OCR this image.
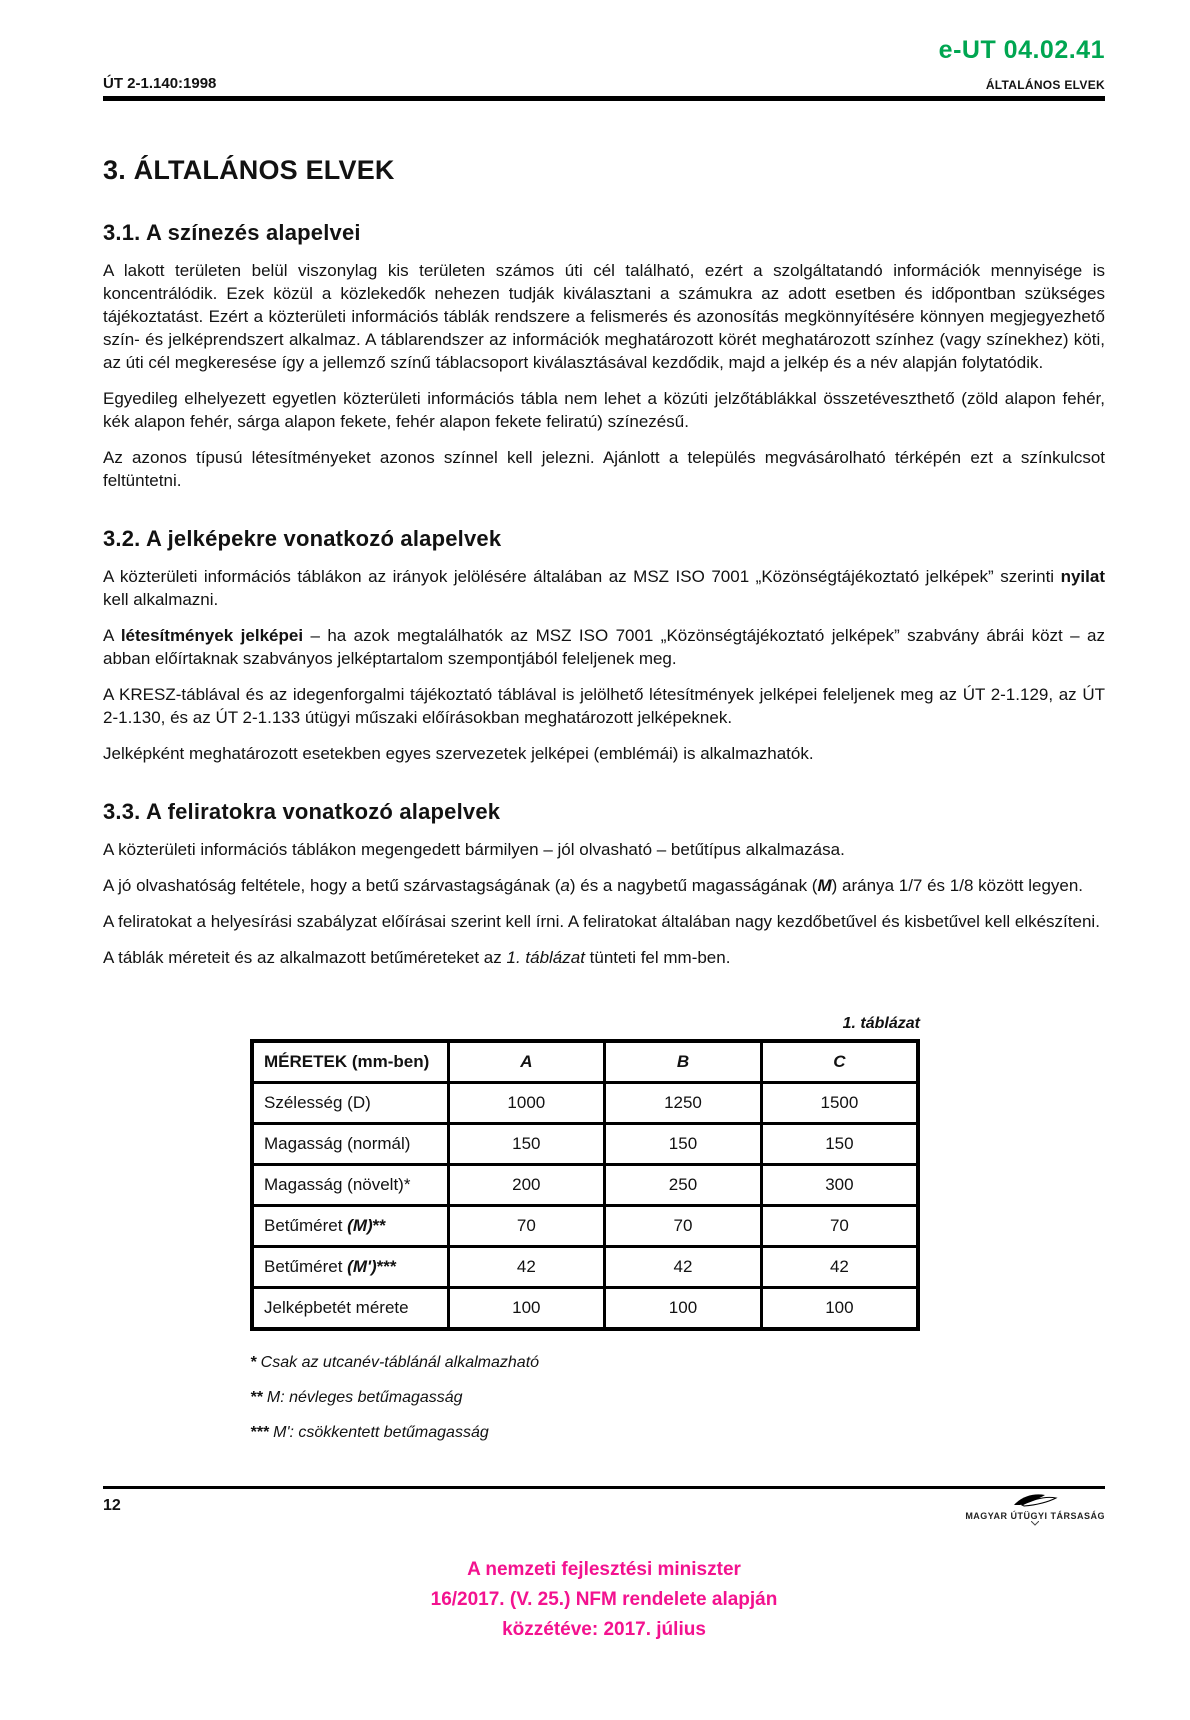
e-UT 04.02.41
ÚT 2-1.140:1998	ÁLTALÁNOS ELVEK
3. ÁLTALÁNOS ELVEK
3.1. A színezés alapelvei

A lakott területen belül viszonylag kis területen számos úti cél található, ezért a szolgáltatandó információk mennyisége is koncentrálódik. Ezek közül a közlekedők nehezen tudják kiválasztani a számukra az adott esetben és időpontban szükséges tájékoztatást. Ezért a közterületi információs táblák rendszere a felismerés és azonosítás megkönnyítésére könnyen megjegyezhető szín- és jelképrendszert alkalmaz. A táblarendszer az információk meghatározott körét meghatározott színhez (vagy színekhez) köti, az úti cél megkeresése így a jellemző színű táblacsoport kiválasztásával kezdődik, majd a jelkép és a név alapján folytatódik.

Egyedileg elhelyezett egyetlen közterületi információs tábla nem lehet a közúti jelzőtáblákkal összetéveszthető (zöld alapon fehér, kék alapon fehér, sárga alapon fekete, fehér alapon fekete feliratú) színezésű.

Az azonos típusú létesítményeket azonos színnel kell jelezni. Ajánlott a település megvásárolható térképén ezt a színkulcsot feltüntetni.

3.2. A jelképekre vonatkozó alapelvek

A közterületi információs táblákon az irányok jelölésére általában az MSZ ISO 7001 „Közönségtájékoztató jelképek” szerinti nyilat kell alkalmazni.

A létesítmények jelképei – ha azok megtalálhatók az MSZ ISO 7001 „Közönségtájékoztató jelképek” szabvány ábrái közt – az abban előírtaknak szabványos jelképtartalom szempontjából feleljenek meg.

A KRESZ-táblával és az idegenforgalmi tájékoztató táblával is jelölhető létesítmények jelképei feleljenek meg az ÚT 2-1.129, az ÚT 2-1.130, és az ÚT 2-1.133 útügyi műszaki előírásokban meghatározott jelképeknek.

Jelképként meghatározott esetekben egyes szervezetek jelképei (emblémái) is alkalmazhatók.

3.3. A feliratokra vonatkozó alapelvek

A közterületi információs táblákon megengedett bármilyen – jól olvasható – betűtípus alkalmazása.

A jó olvashatóság feltétele, hogy a betű szárvastagságának (a) és a nagybetű magasságának (M) aránya 1/7 és 1/8 között legyen.

A feliratokat a helyesírási szabályzat előírásai szerint kell írni. A feliratokat általában nagy kezdőbetűvel és kisbetűvel kell elkészíteni.

A táblák méreteit és az alkalmazott betűméreteket az 1. táblázat tünteti fel mm-ben.

1. táblázat
MÉRETEK (mm-ben)	A	B	C
Szélesség (D)	1000	1250	1500
Magasság (normál)	150	150	150
Magasság (növelt)*	200	250	300
Betűméret (M)**	70	70	70
Betűméret (M')***	42	42	42
Jelképbetét mérete	100	100	100

* Csak az utcanév-táblánál alkalmazható

** M: névleges betűmagasság

*** M': csökkentett betűmagasság

12
MAGYAR ÚTÜGYI TÁRSASÁG
A nemzeti fejlesztési miniszter
16/2017. (V. 25.) NFM rendelete alapján
közzétéve: 2017. július
